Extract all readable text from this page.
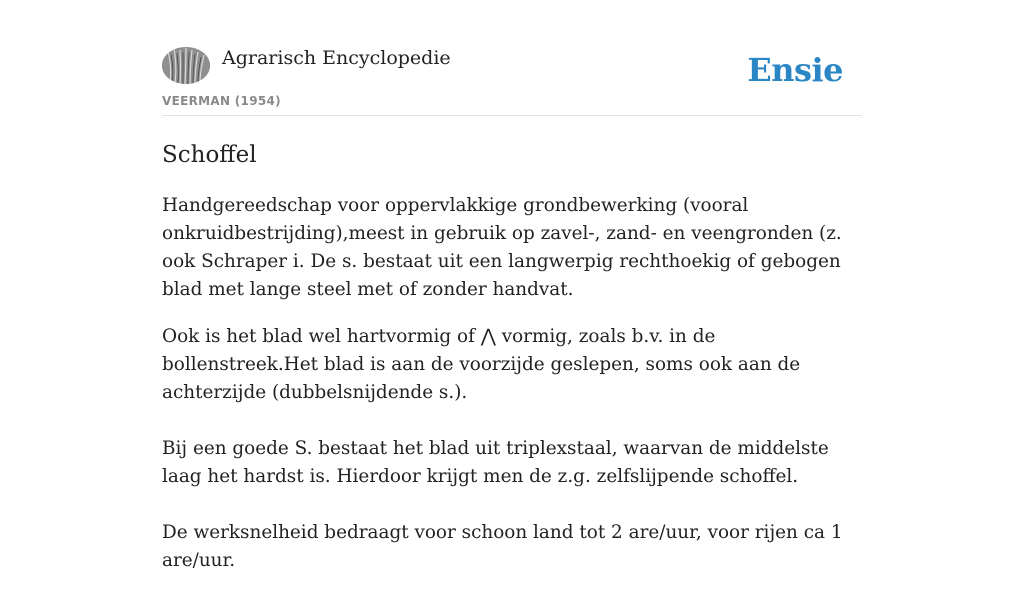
Agrarisch Encyclopedie
VEERMAN (1954)
Ensie
Schoffel

Handgereedschap voor oppervlakkige grondbewerking (vooral onkruidbestrijding),meest in gebruik op zavel-, zand- en veengronden (z. ook Schraper i. De s. bestaat uit een langwerpig rechthoekig of gebogen blad met lange steel met of zonder handvat.

Ook is het blad wel hartvormig of ⋀ vormig, zoals b.v. in de bollenstreek.Het blad is aan de voorzijde geslepen, soms ook aan de achterzijde (dubbelsnijdende s.).

Bij een goede S. bestaat het blad uit triplexstaal, waarvan de middelste laag het hardst is. Hierdoor krijgt men de z.g. zelfslijpende schoffel.

De werksnelheid bedraagt voor schoon land tot 2 are/uur, voor rijen ca 1 are/uur.
